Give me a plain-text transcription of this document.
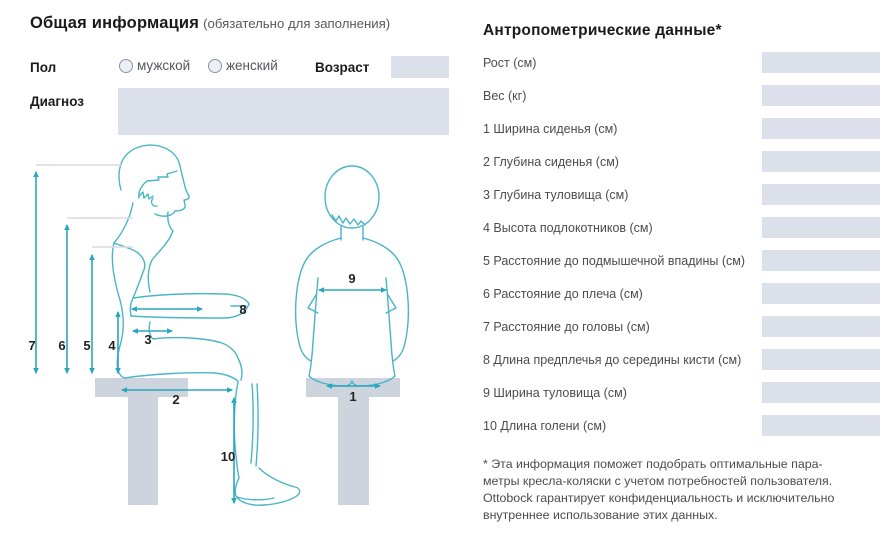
Общая информация (обязательно для заполнения)
Пол	мужской	женский	Возраст
Диагноз
7 6 5 4 3
8
2
10
9
1
Антропометрические данные*
Рост (см)
Вес (кг)
1 Ширина сиденья (см)
2 Глубина сиденья (см)
3 Глубина туловища (см)
4 Высота подлокотников (см)
5 Расстояние до подмышечной впадины (см)
6 Расстояние до плеча (см)
7 Расстояние до головы (см)
8 Длина предплечья до середины кисти (см)
9 Ширина туловища (см)
10 Длина голени (см)
* Эта информация поможет подобрать оптимальные пара-
метры кресла-коляски с учетом потребностей пользователя.
Ottobock гарантирует конфиденциальность и исключительно
внутреннее использование этих данных.
